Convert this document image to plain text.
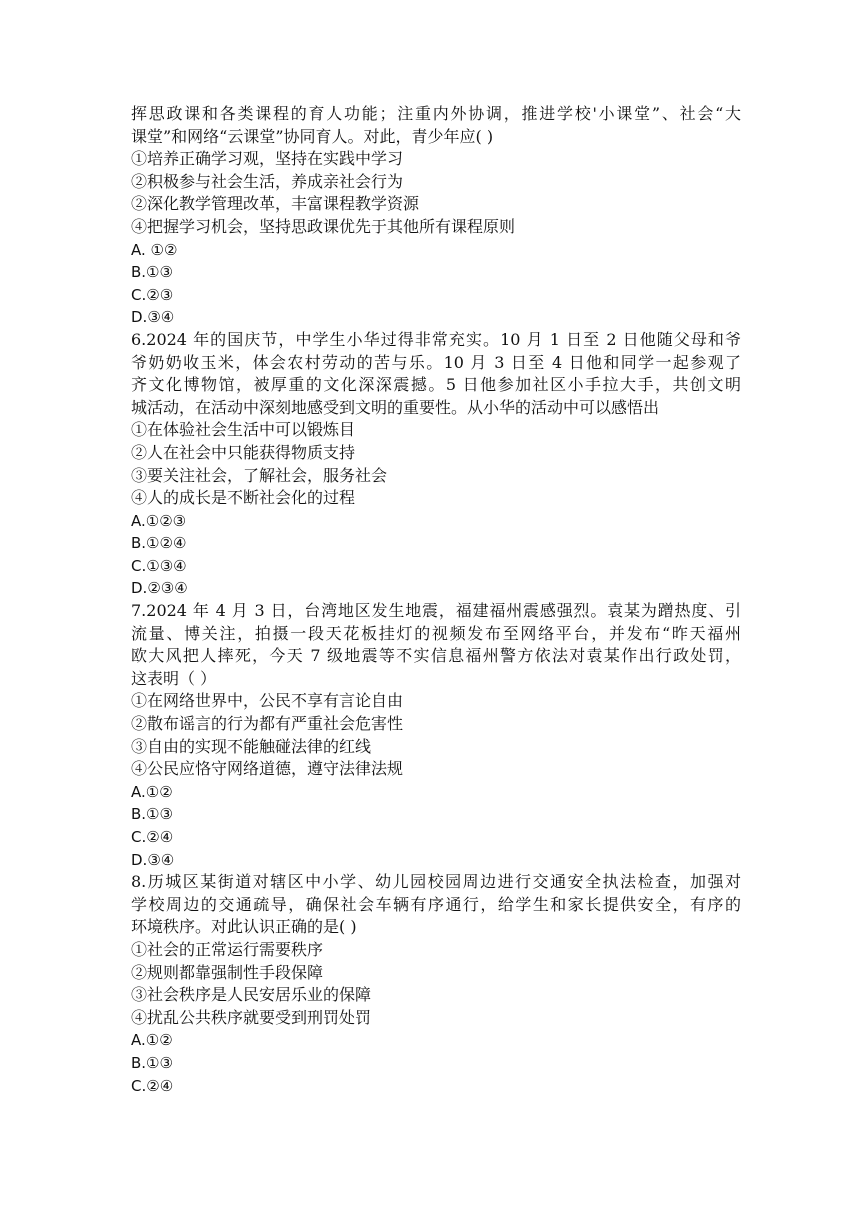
挥思政课和各类课程的育人功能；注重内外协调，推进学校'小课堂”、社会“大
课堂”和网络“云课堂”协同育人。对此，青少年应( )
①培养正确学习观，坚持在实践中学习
②积极参与社会生活，养成亲社会行为
②深化教学管理改革，丰富课程教学资源
④把握学习机会，坚持思政课优先于其他所有课程原则
A. ①②
B.①③
C.②③
D.③④
6.2024 年的国庆节，中学生小华过得非常充实。10 月 1 日至 2 日他随父母和爷
爷奶奶收玉米，体会农村劳动的苦与乐。10 月 3 日至 4 日他和同学一起参观了
齐文化博物馆，被厚重的文化深深震撼。5 日他参加社区小手拉大手，共创文明
城活动，在活动中深刻地感受到文明的重要性。从小华的活动中可以感悟出
①在体验社会生活中可以锻炼目
②人在社会中只能获得物质支持
③要关注社会，了解社会，服务社会
④人的成长是不断社会化的过程
A.①②③
B.①②④
C.①③④
D.②③④
7.2024 年 4 月 3 日，台湾地区发生地震，福建福州震感强烈。袁某为蹭热度、引
流量、博关注，拍摄一段天花板挂灯的视频发布至网络平台，并发布“昨天福州
欧大风把人摔死，今天 7 级地震等不实信息福州警方依法对袁某作出行政处罚，
这表明（ ）
①在网络世界中，公民不享有言论自由
②散布谣言的行为都有严重社会危害性
③自由的实现不能触碰法律的红线
④公民应恪守网络道德，遵守法律法规
A.①②
B.①③
C.②④
D.③④
8.历城区某街道对辖区中小学、幼儿园校园周边进行交通安全执法检查，加强对
学校周边的交通疏导，确保社会车辆有序通行，给学生和家长提供安全，有序的
环境秩序。对此认识正确的是( )
①社会的正常运行需要秩序
②规则都靠强制性手段保障
③社会秩序是人民安居乐业的保障
④扰乱公共秩序就要受到刑罚处罚
A.①②
B.①③
C.②④
